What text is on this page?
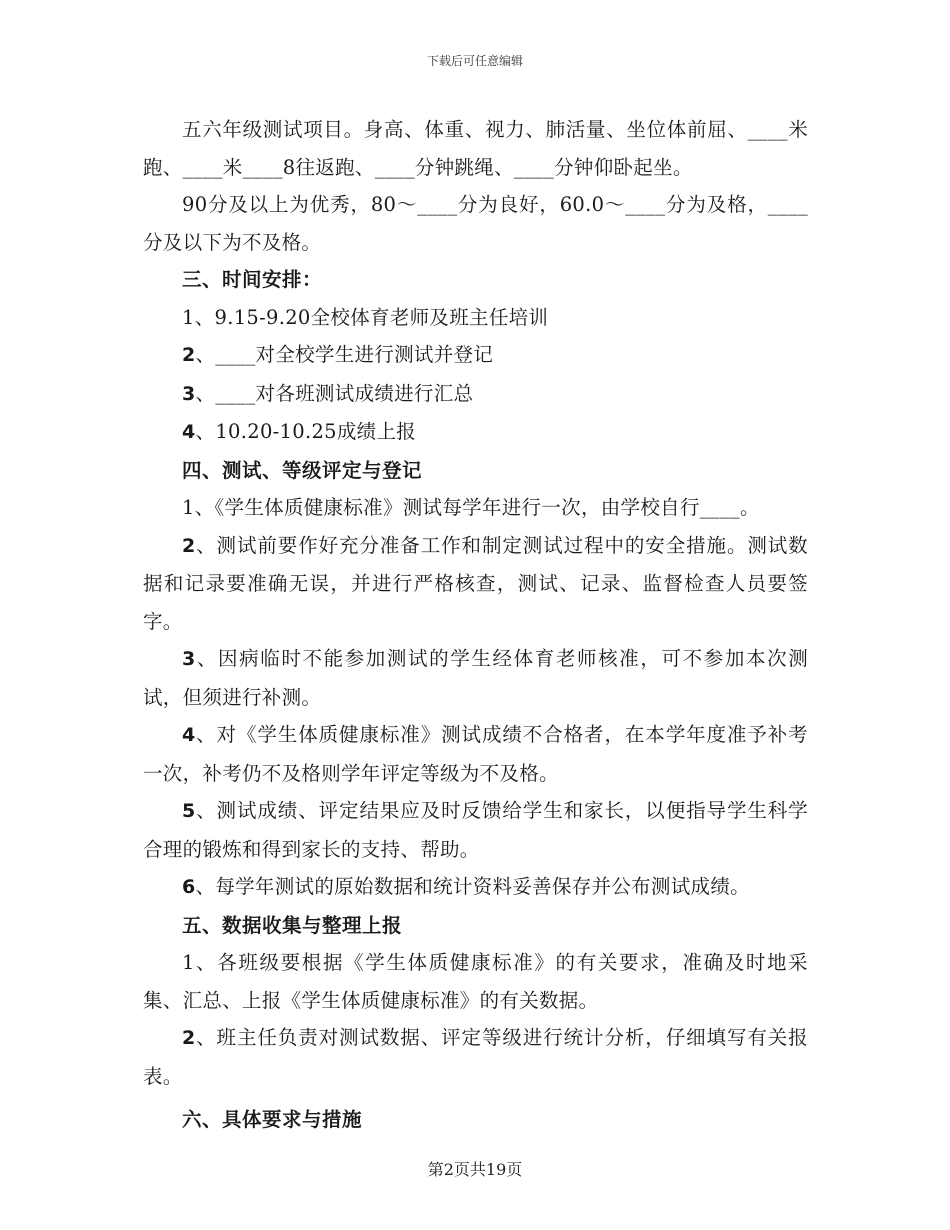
下载后可任意编辑
五六年级测试项目。身高、体重、视力、肺活量、坐位体前屈、____米跑、____米____8往返跑、____分钟跳绳、____分钟仰卧起坐。
90分及以上为优秀，80～____分为良好，60.0～____分为及格，____分及以下为不及格。
三、时间安排：
1、9.15-9.20全校体育老师及班主任培训
2、____对全校学生进行测试并登记
3、____对各班测试成绩进行汇总
4、10.20-10.25成绩上报
四、测试、等级评定与登记
1、《学生体质健康标准》测试每学年进行一次，由学校自行____。
2、测试前要作好充分准备工作和制定测试过程中的安全措施。测试数据和记录要准确无误，并进行严格核查，测试、记录、监督检查人员要签字。
3、因病临时不能参加测试的学生经体育老师核准，可不参加本次测试，但须进行补测。
4、对《学生体质健康标准》测试成绩不合格者，在本学年度准予补考一次，补考仍不及格则学年评定等级为不及格。
5、测试成绩、评定结果应及时反馈给学生和家长，以便指导学生科学合理的锻炼和得到家长的支持、帮助。
6、每学年测试的原始数据和统计资料妥善保存并公布测试成绩。
五、数据收集与整理上报
1、各班级要根据《学生体质健康标准》的有关要求，准确及时地采集、汇总、上报《学生体质健康标准》的有关数据。
2、班主任负责对测试数据、评定等级进行统计分析，仔细填写有关报表。
六、具体要求与措施
第2页共19页
